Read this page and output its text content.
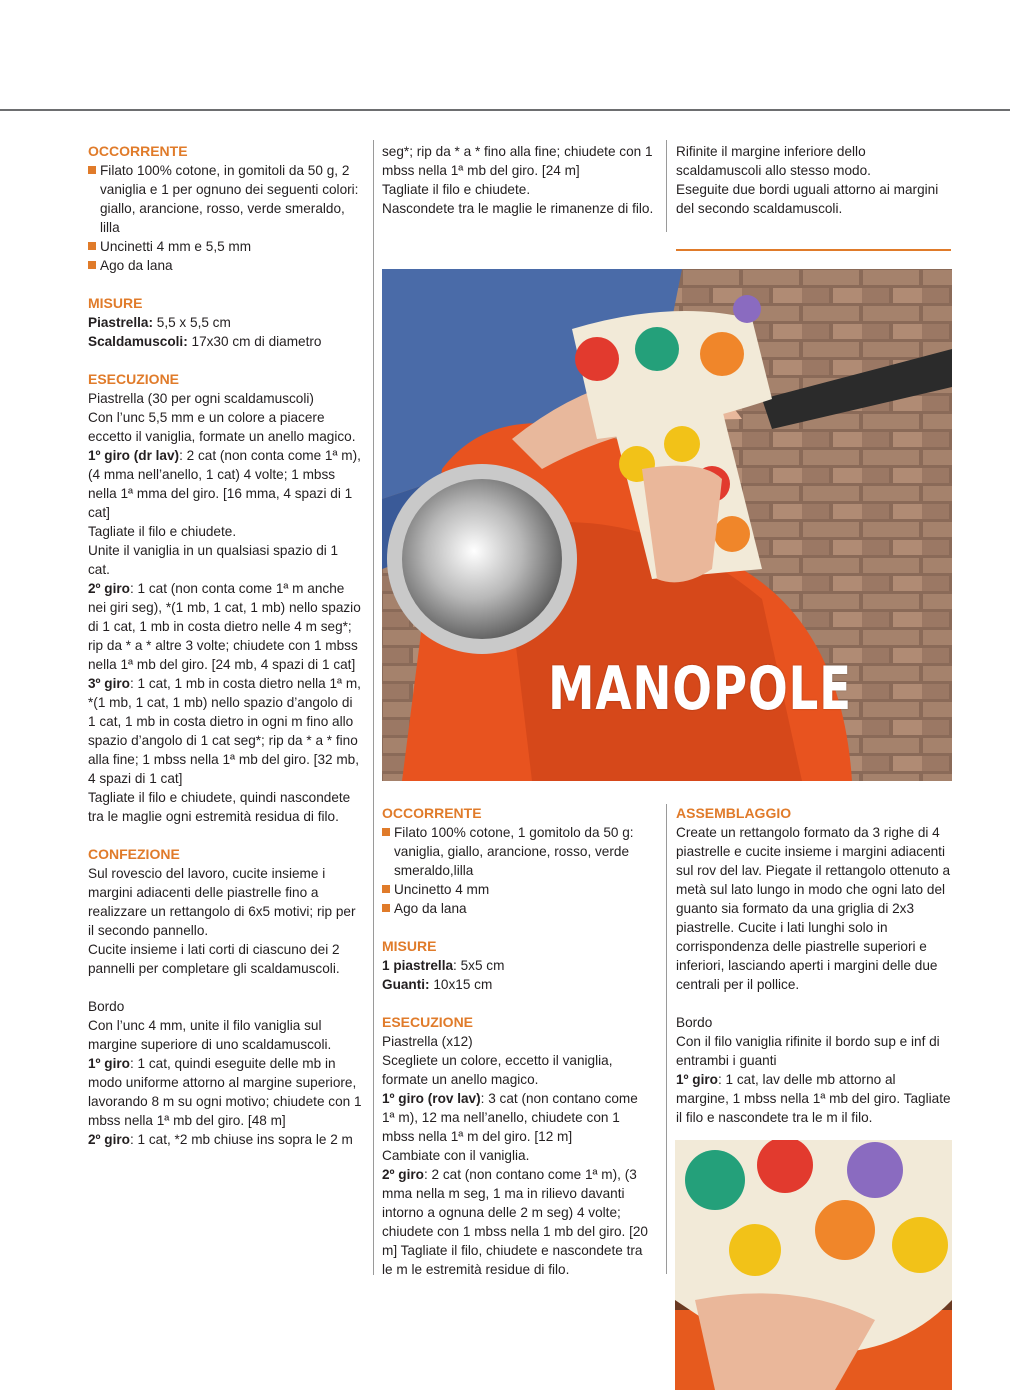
OCCORRENTE

Filato 100% cotone, in gomitoli da 50 g, 2 vaniglia e 1 per ognuno dei seguenti colori: giallo, arancione, rosso, verde smeraldo, lilla
Uncinetti 4 mm e 5,5 mm
Ago da lana

MISURE

Piastrella: 5,5 x 5,5 cm

Scaldamuscoli: 17x30 cm di diametro

ESECUZIONE

Piastrella (30 per ogni scaldamuscoli)

Con l’unc 5,5 mm e un colore a piacere eccetto il vaniglia, formate un anello magico.

1º giro (dr lav): 2 cat (non conta come 1ª m), (4 mma nell’anello, 1 cat) 4 volte; 1 mbss nella 1ª mma del giro. [16 mma, 4 spazi di 1 cat]

Tagliate il filo e chiudete.

Unite il vaniglia in un qualsiasi spazio di 1 cat.

2º giro: 1 cat (non conta come 1ª m anche nei giri seg), *(1 mb, 1 cat, 1 mb) nello spazio di 1 cat, 1 mb in costa dietro nelle 4 m seg*; rip da * a * altre 3 volte; chiudete con 1 mbss nella 1ª mb del giro. [24 mb, 4 spazi di 1 cat]

3º giro: 1 cat, 1 mb in costa dietro nella 1ª m, *(1 mb, 1 cat, 1 mb) nello spazio d’angolo di 1 cat, 1 mb in costa dietro in ogni m fino allo spazio d’angolo di 1 cat seg*; rip da * a * fino alla fine; 1 mbss nella 1ª mb del giro. [32 mb, 4 spazi di 1 cat]

Tagliate il filo e chiudete, quindi nascondete tra le maglie ogni estremità residua di filo.

CONFEZIONE

Sul rovescio del lavoro, cucite insieme i margini adiacenti delle piastrelle fino a realizzare un rettangolo di 6x5 motivi; rip per il secondo pannello.

Cucite insieme i lati corti di ciascuno dei 2 pannelli per completare gli scaldamuscoli.

Bordo

Con l’unc 4 mm, unite il filo vaniglia sul margine superiore di uno scaldamuscoli.

1º giro: 1 cat, quindi eseguite delle mb in modo uniforme attorno al margine superiore, lavorando 8 m su ogni motivo; chiudete con 1 mbss nella 1ª mb del giro. [48 m]

2º giro: 1 cat, *2 mb chiuse ins sopra le 2 m

seg*; rip da * a * fino alla fine; chiudete con 1 mbss nella 1ª mb del giro. [24 m]

Tagliate il filo e chiudete.

Nascondete tra le maglie le rimanenze di filo.

Rifinite il margine inferiore dello scaldamuscoli allo stesso modo.

Eseguite due bordi uguali attorno ai margini del secondo scaldamuscoli.

MANOPOLE

OCCORRENTE

Filato 100% cotone, 1 gomitolo da 50 g: vaniglia, giallo, arancione, rosso, verde smeraldo,lilla
Uncinetto 4 mm
Ago da lana

MISURE

1 piastrella: 5x5 cm

Guanti: 10x15 cm

ESECUZIONE

Piastrella (x12)

Scegliete un colore, eccetto il vaniglia, formate un anello magico.

1º giro (rov lav): 3 cat (non contano come 1ª m), 12 ma nell’anello, chiudete con 1 mbss nella 1ª m del giro. [12 m]

Cambiate con il vaniglia.

2º giro: 2 cat (non contano come 1ª m), (3 mma nella m seg, 1 ma in rilievo davanti intorno a ognuna delle 2 m seg) 4 volte; chiudete con 1 mbss nella 1 mb del giro. [20 m] Tagliate il filo, chiudete e nascondete tra le m le estremità residue di filo.

ASSEMBLAGGIO

Create un rettangolo formato da 3 righe di 4 piastrelle e cucite insieme i margini adiacenti sul rov del lav. Piegate il rettangolo ottenuto a metà sul lato lungo in modo che ogni lato del guanto sia formato da una griglia di 2x3 piastrelle. Cucite i lati lunghi solo in corrispondenza delle piastrelle superiori e inferiori, lasciando aperti i margini delle due centrali per il pollice.

Bordo

Con il filo vaniglia rifinite il bordo sup e inf di entrambi i guanti

1º giro: 1 cat, lav delle mb attorno al margine, 1 mbss nella 1ª mb del giro. Tagliate il filo e nascondete tra le m il filo.
